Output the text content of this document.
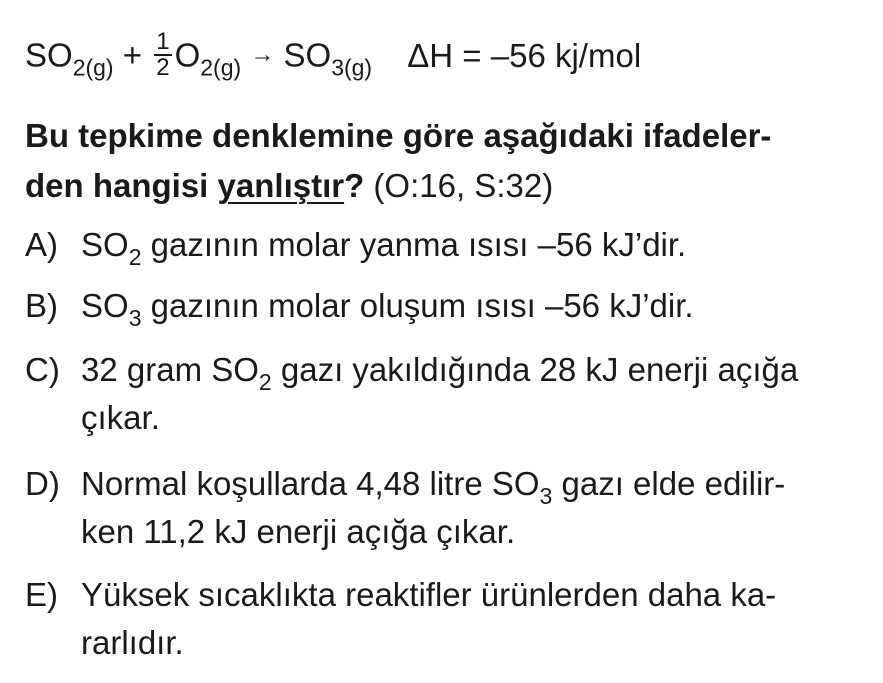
$SO_{2(g)} + \frac{1}{2} O_{2(g)} \to SO_{3(g)}$ ΔH = –56 kj/mol
Bu tepkime denklemine göre aşağıdaki ifadeler-
den hangisi yanlıştır? (O:16, S:32)
A) $SO_2$ gazının molar yanma ısısı –56 kJ’dir.
B) $SO_3$ gazının molar oluşum ısısı –56 kJ’dir.
C) 32 gram $SO_2$ gazı yakıldığında 28 kJ enerji açığa
çıkar.
D) Normal koşullarda 4,48 litre $SO_3$ gazı elde edilir-
ken 11,2 kJ enerji açığa çıkar.
E) Yüksek sıcaklıkta reaktifler ürünlerden daha ka-
rarlıdır.
